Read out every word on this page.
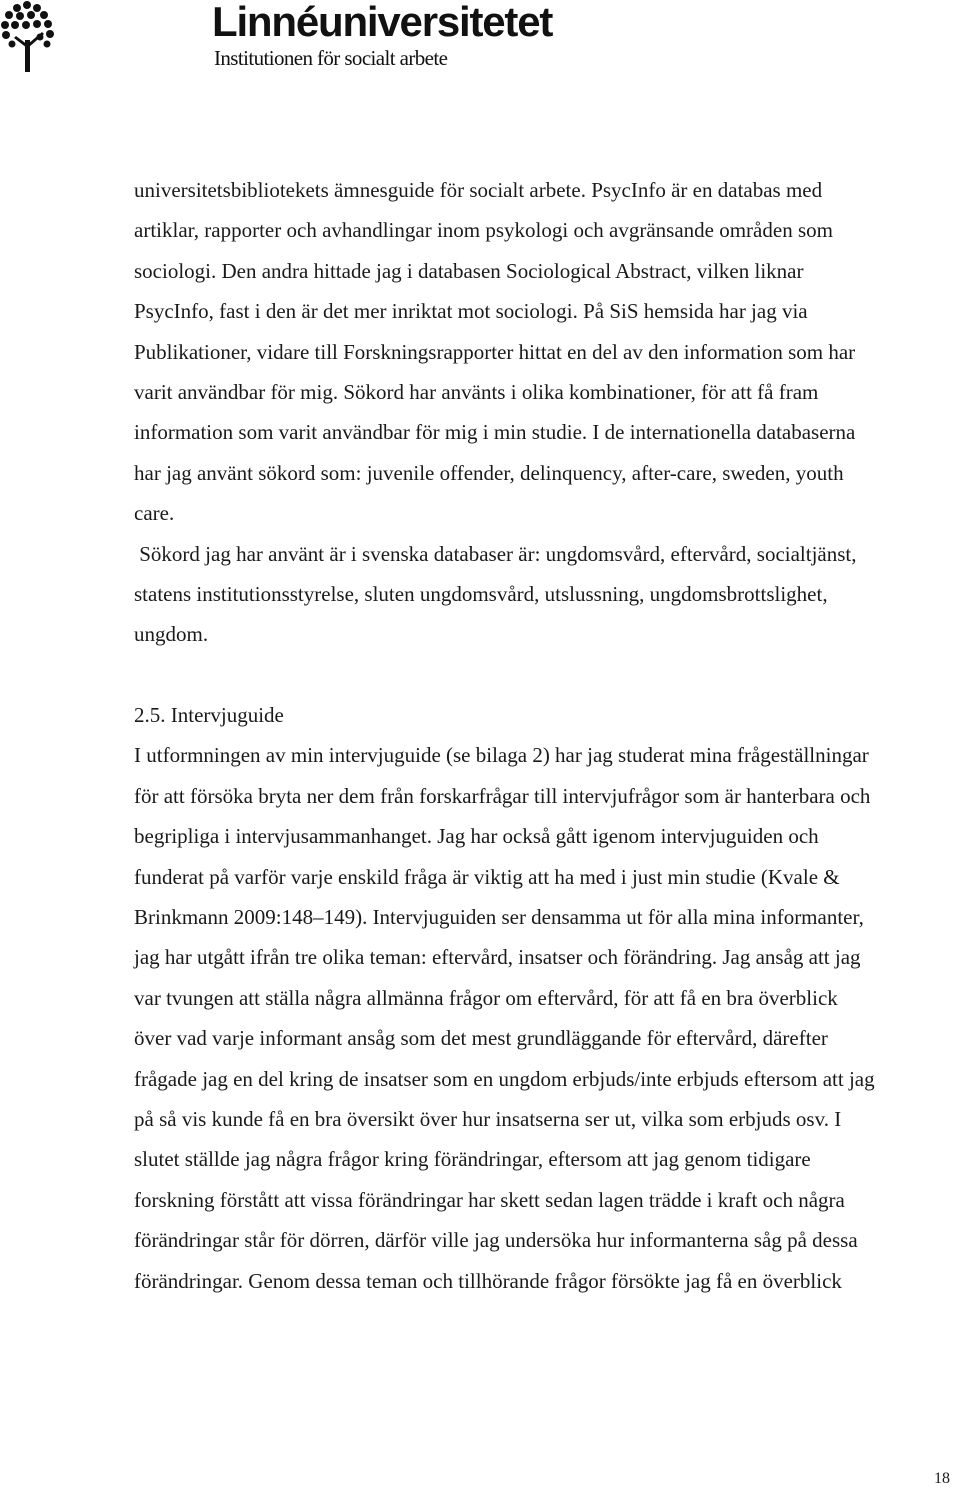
Linnéuniversitetet
Institutionen för socialt arbete

universitetsbibliotekets ämnesguide för socialt arbete. PsycInfo är en databas med

artiklar, rapporter och avhandlingar inom psykologi och avgränsande områden som

sociologi. Den andra hittade jag i databasen Sociological Abstract, vilken liknar

PsycInfo, fast i den är det mer inriktat mot sociologi. På SiS hemsida har jag via

Publikationer, vidare till Forskningsrapporter hittat en del av den information som har

varit användbar för mig. Sökord har använts i olika kombinationer, för att få fram

information som varit användbar för mig i min studie. I de internationella databaserna

har jag använt sökord som: juvenile offender, delinquency, after-care, sweden, youth

care.

Sökord jag har använt är i svenska databaser är: ungdomsvård, eftervård, socialtjänst,

statens institutionsstyrelse, sluten ungdomsvård, utslussning, ungdomsbrottslighet,

ungdom.

2.5. Intervjuguide

I utformningen av min intervjuguide (se bilaga 2) har jag studerat mina frågeställningar

för att försöka bryta ner dem från forskarfrågar till intervjufrågor som är hanterbara och

begripliga i intervjusammanhanget. Jag har också gått igenom intervjuguiden och

funderat på varför varje enskild fråga är viktig att ha med i just min studie (Kvale &

Brinkmann 2009:148–149). Intervjuguiden ser densamma ut för alla mina informanter,

jag har utgått ifrån tre olika teman: eftervård, insatser och förändring. Jag ansåg att jag

var tvungen att ställa några allmänna frågor om eftervård, för att få en bra överblick

över vad varje informant ansåg som det mest grundläggande för eftervård, därefter

frågade jag en del kring de insatser som en ungdom erbjuds/inte erbjuds eftersom att jag

på så vis kunde få en bra översikt över hur insatserna ser ut, vilka som erbjuds osv. I

slutet ställde jag några frågor kring förändringar, eftersom att jag genom tidigare

forskning förstått att vissa förändringar har skett sedan lagen trädde i kraft och några

förändringar står för dörren, därför ville jag undersöka hur informanterna såg på dessa

förändringar. Genom dessa teman och tillhörande frågor försökte jag få en överblick

18
